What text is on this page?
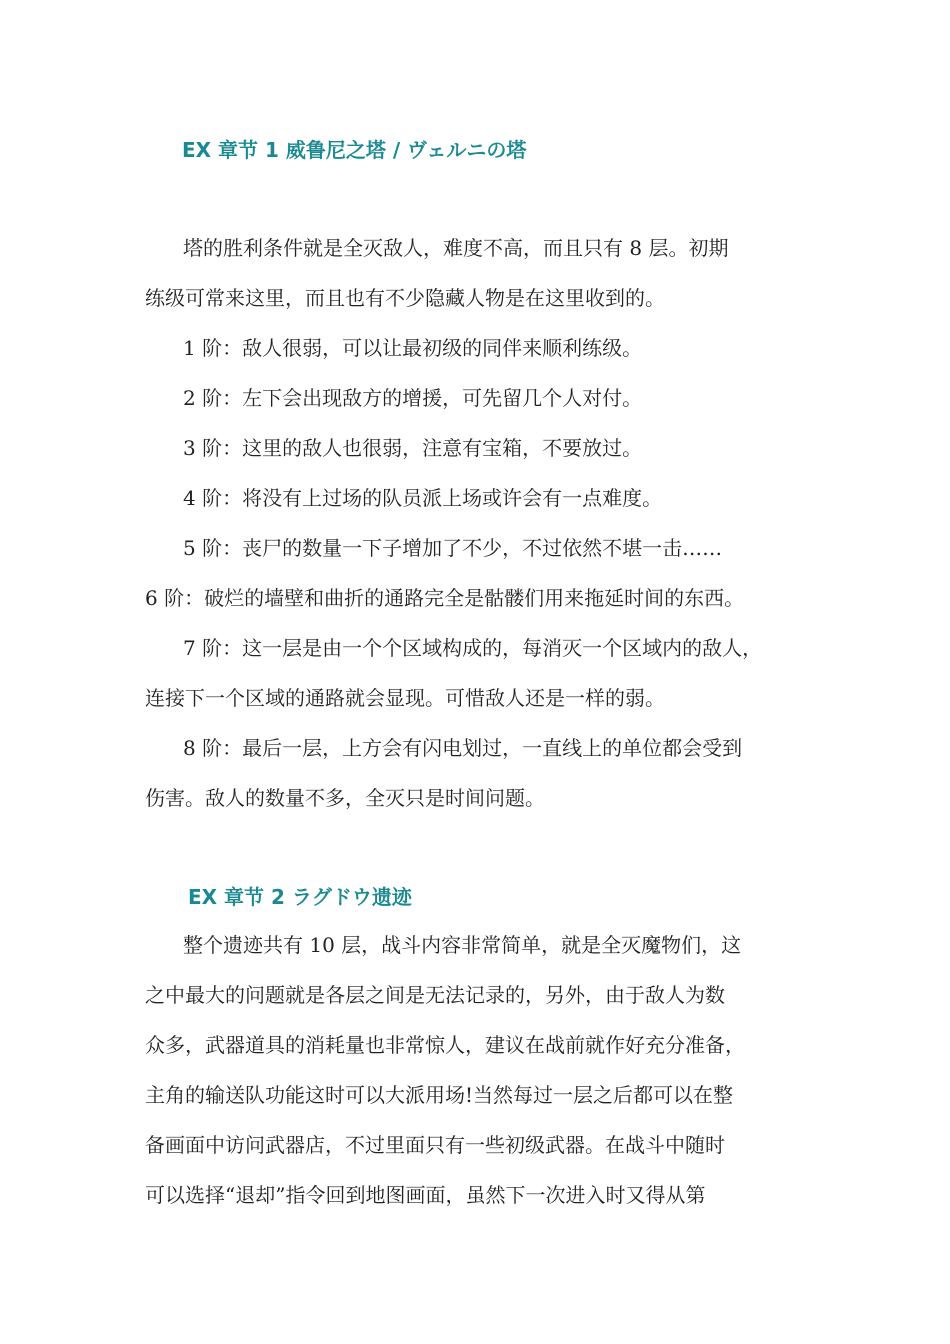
EX 章节 1 威鲁尼之塔 / ヴェルニの塔
塔的胜利条件就是全灭敌人，难度不高，而且只有 8 层。初期
练级可常来这里，而且也有不少隐藏人物是在这里收到的。
1 阶：敌人很弱，可以让最初级的同伴来顺利练级。
2 阶：左下会出现敌方的增援，可先留几个人对付。
3 阶：这里的敌人也很弱，注意有宝箱，不要放过。
4 阶：将没有上过场的队员派上场或许会有一点难度。
5 阶：丧尸的数量一下子增加了不少，不过依然不堪一击……
6 阶：破烂的墙壁和曲折的通路完全是骷髅们用来拖延时间的东西。
7 阶：这一层是由一个个区域构成的，每消灭一个区域内的敌人，
连接下一个区域的通路就会显现。可惜敌人还是一样的弱。
8 阶：最后一层，上方会有闪电划过，一直线上的单位都会受到
伤害。敌人的数量不多，全灭只是时间问题。
EX 章节 2 ラグドウ遗迹
整个遗迹共有 10 层，战斗内容非常简单，就是全灭魔物们，这
之中最大的问题就是各层之间是无法记录的，另外，由于敌人为数
众多，武器道具的消耗量也非常惊人，建议在战前就作好充分准备，
主角的输送队功能这时可以大派用场!当然每过一层之后都可以在整
备画面中访问武器店，不过里面只有一些初级武器。在战斗中随时
可以选择“退却”指令回到地图画面，虽然下一次进入时又得从第
